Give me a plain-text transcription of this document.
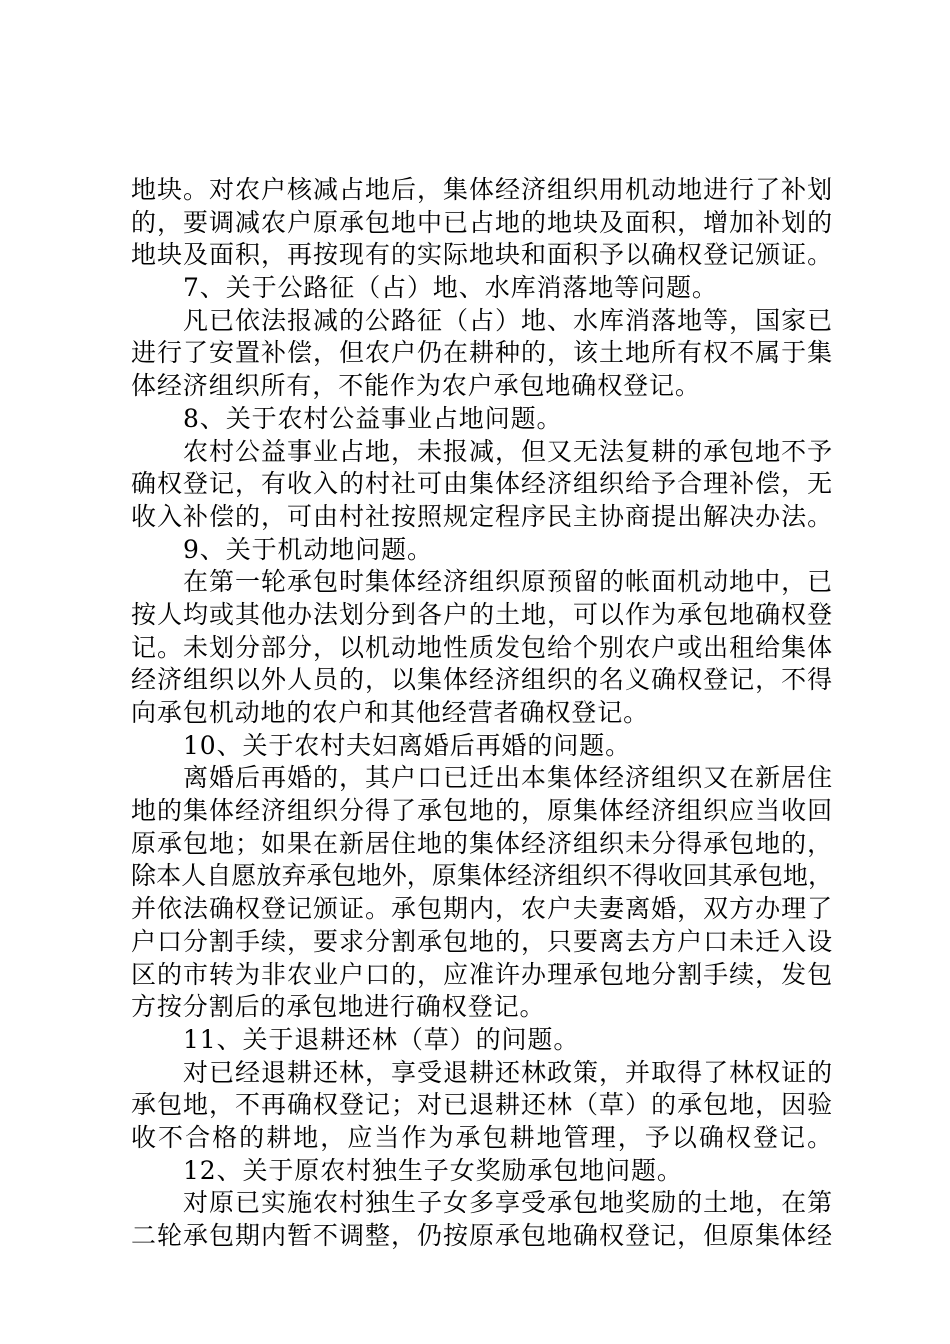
地块。对农户核减占地后，集体经济组织用机动地进行了补划
的，要调减农户原承包地中已占地的地块及面积，增加补划的
地块及面积，再按现有的实际地块和面积予以确权登记颁证。
7、关于公路征（占）地、水库消落地等问题。
凡已依法报减的公路征（占）地、水库消落地等，国家已
进行了安置补偿，但农户仍在耕种的，该土地所有权不属于集
体经济组织所有，不能作为农户承包地确权登记。
8、关于农村公益事业占地问题。
农村公益事业占地，未报减，但又无法复耕的承包地不予
确权登记，有收入的村社可由集体经济组织给予合理补偿，无
收入补偿的，可由村社按照规定程序民主协商提出解决办法。
9、关于机动地问题。
在第一轮承包时集体经济组织原预留的帐面机动地中，已
按人均或其他办法划分到各户的土地，可以作为承包地确权登
记。未划分部分，以机动地性质发包给个别农户或出租给集体
经济组织以外人员的，以集体经济组织的名义确权登记，不得
向承包机动地的农户和其他经营者确权登记。
10、关于农村夫妇离婚后再婚的问题。
离婚后再婚的，其户口已迁出本集体经济组织又在新居住
地的集体经济组织分得了承包地的，原集体经济组织应当收回
原承包地；如果在新居住地的集体经济组织未分得承包地的，
除本人自愿放弃承包地外，原集体经济组织不得收回其承包地，
并依法确权登记颁证。承包期内，农户夫妻离婚，双方办理了
户口分割手续，要求分割承包地的，只要离去方户口未迁入设
区的市转为非农业户口的，应准许办理承包地分割手续，发包
方按分割后的承包地进行确权登记。
11、关于退耕还林（草）的问题。
对已经退耕还林，享受退耕还林政策，并取得了林权证的
承包地，不再确权登记；对已退耕还林（草）的承包地，因验
收不合格的耕地，应当作为承包耕地管理，予以确权登记。
12、关于原农村独生子女奖励承包地问题。
对原已实施农村独生子女多享受承包地奖励的土地，在第
二轮承包期内暂不调整，仍按原承包地确权登记，但原集体经
